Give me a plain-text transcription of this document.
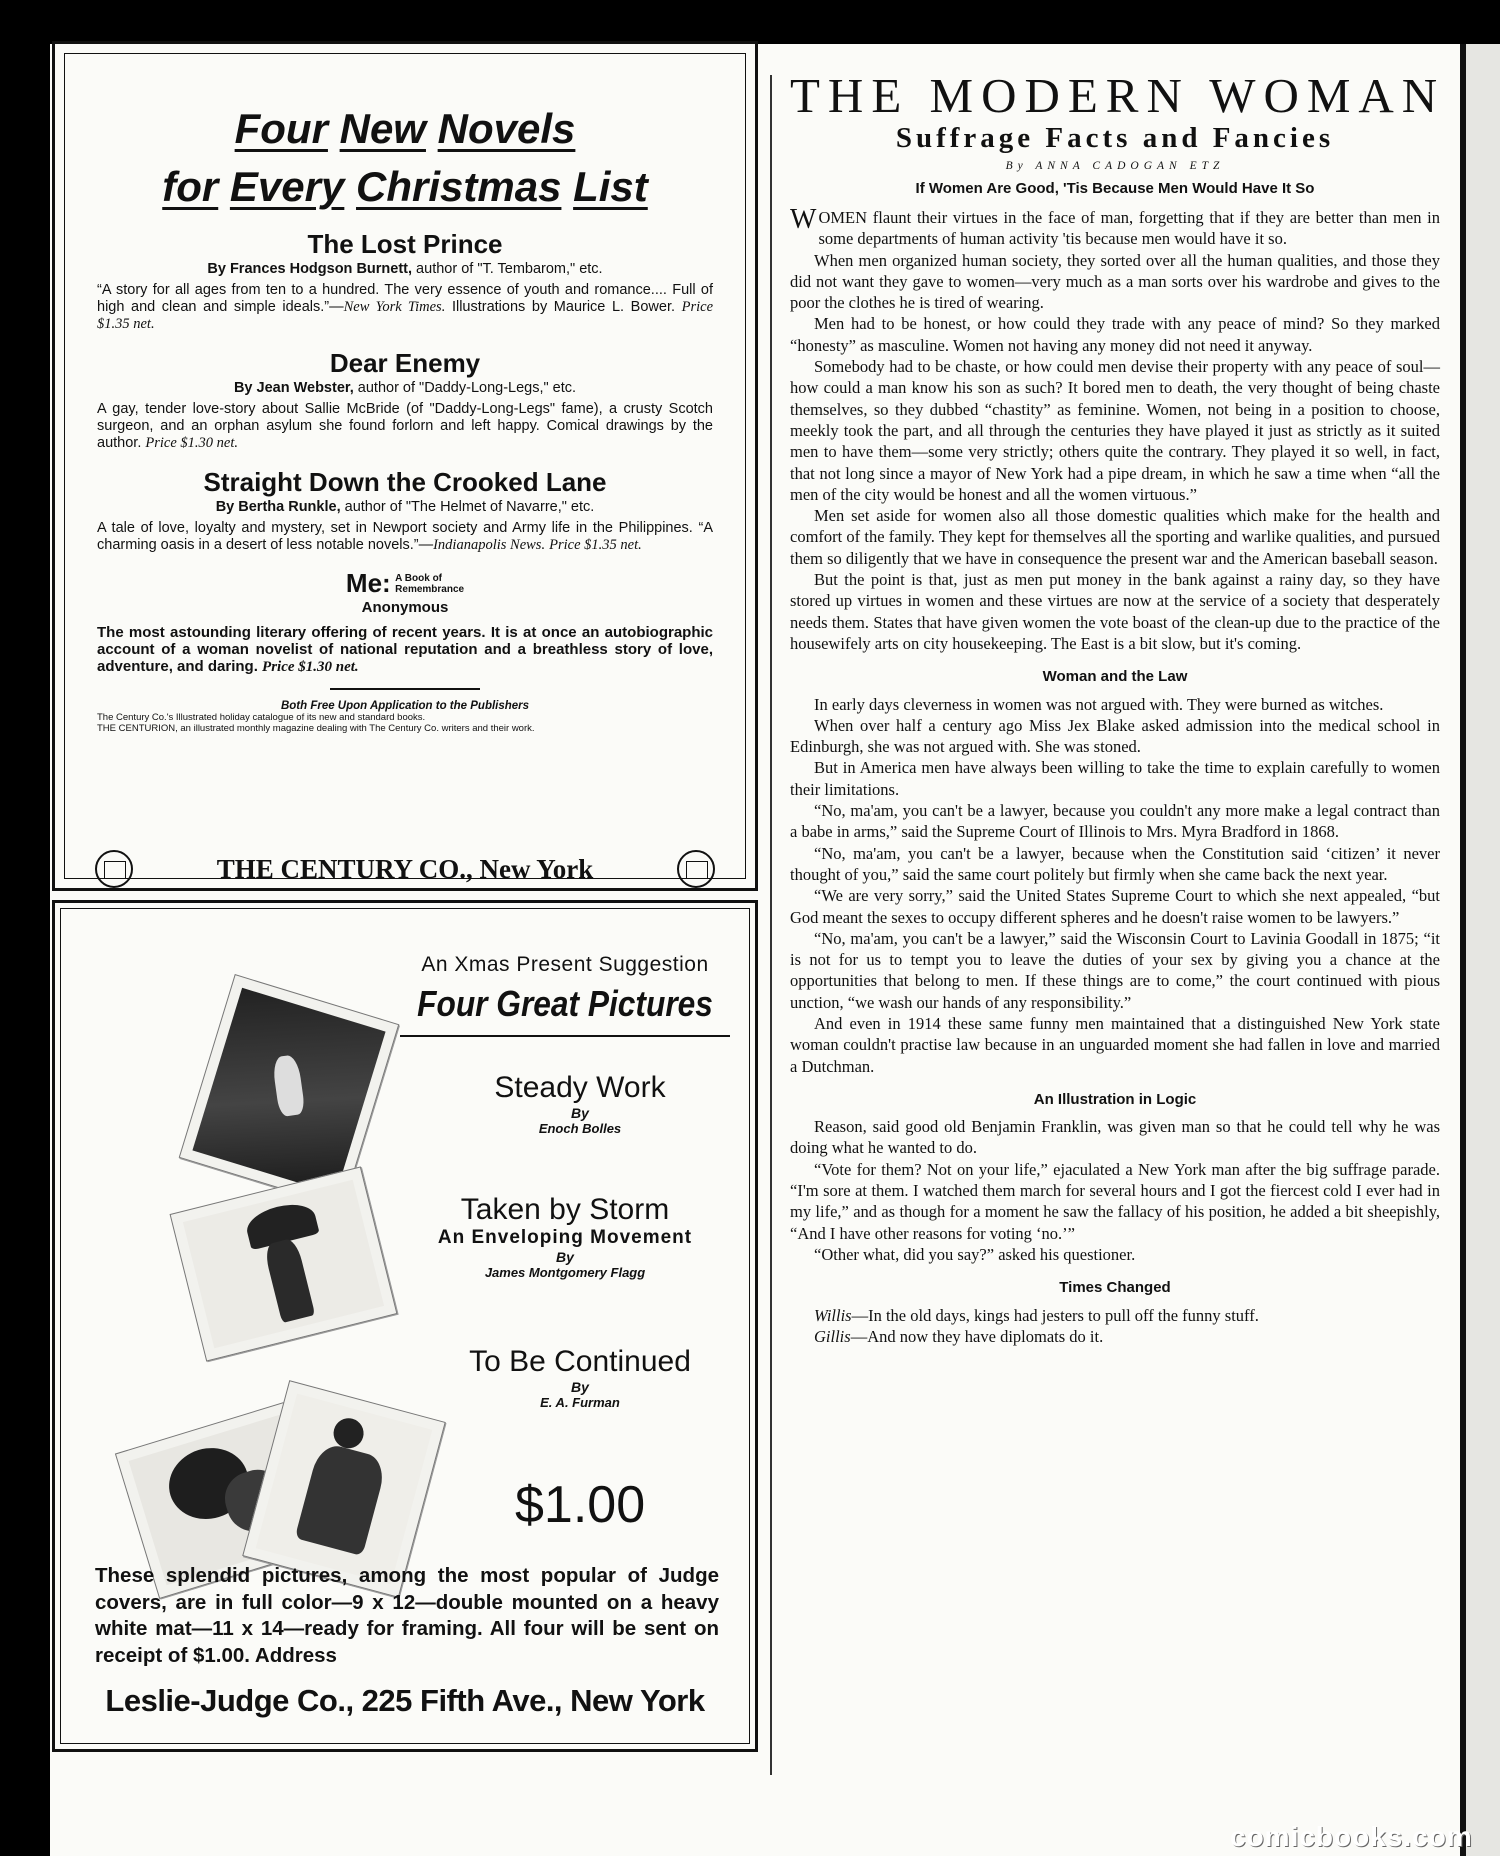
Four New Novels
for Every Christmas List
The Lost Prince
By Frances Hodgson Burnett, author of "T. Tembarom," etc.
“A story for all ages from ten to a hundred. The very essence of youth and romance.... Full of high and clean and simple ideals.”—New York Times. Illustrations by Maurice L. Bower. Price $1.35 net.
Dear Enemy
By Jean Webster, author of "Daddy-Long-Legs," etc.
A gay, tender love-story about Sallie McBride (of "Daddy-Long-Legs" fame), a crusty Scotch surgeon, and an orphan asylum she found forlorn and left happy. Comical drawings by the author. Price $1.30 net.
Straight Down the Crooked Lane
By Bertha Runkle, author of "The Helmet of Navarre," etc.
A tale of love, loyalty and mystery, set in Newport society and Army life in the Philippines. “A charming oasis in a desert of less notable novels.”—Indianapolis News. Price $1.35 net.
Me: A Book of
Remembrance
Anonymous
The most astounding literary offering of recent years. It is at once an autobiographic account of a woman novelist of national reputation and a breathless story of love, adventure, and daring. Price $1.30 net.
Both Free Upon Application to the Publishers
The Century Co.'s Illustrated holiday catalogue of its new and standard books.
THE CENTURION, an illustrated monthly magazine dealing with The Century Co. writers and their work.
THE CENTURY CO., New York
An Xmas Present Suggestion
Four Great Pictures
Steady Work
By
Enoch Bolles
Taken by Storm
An Enveloping Movement
By
James Montgomery Flagg
To Be Continued
By
E. A. Furman
$1.00
These splendid pictures, among the most popular of Judge covers, are in full color—9 x 12—double mounted on a heavy white mat—11 x 14—ready for framing. All four will be sent on receipt of $1.00. Address
Leslie-Judge Co., 225 Fifth Ave., New York
THE MODERN WOMAN
Suffrage Facts and Fancies
By ANNA CADOGAN ETZ
If Women Are Good, 'Tis Because Men Would Have It So

WOMEN flaunt their virtues in the face of man, forgetting that if they are better than men in some departments of human activity 'tis because men would have it so.

When men organized human society, they sorted over all the human qualities, and those they did not want they gave to women—very much as a man sorts over his wardrobe and gives to the poor the clothes he is tired of wearing.

Men had to be honest, or how could they trade with any peace of mind? So they marked “honesty” as masculine. Women not having any money did not need it anyway.

Somebody had to be chaste, or how could men devise their property with any peace of soul—how could a man know his son as such? It bored men to death, the very thought of being chaste themselves, so they dubbed “chastity” as feminine. Women, not being in a position to choose, meekly took the part, and all through the centuries they have played it just as strictly as it suited men to have them—some very strictly; others quite the contrary. They played it so well, in fact, that not long since a mayor of New York had a pipe dream, in which he saw a time when “all the men of the city would be honest and all the women virtuous.”

Men set aside for women also all those domestic qualities which make for the health and comfort of the family. They kept for themselves all the sporting and warlike qualities, and pursued them so diligently that we have in consequence the present war and the American baseball season.

But the point is that, just as men put money in the bank against a rainy day, so they have stored up virtues in women and these virtues are now at the service of a society that desperately needs them. States that have given women the vote boast of the clean-up due to the practice of the housewifely arts on city housekeeping. The East is a bit slow, but it's coming.

Woman and the Law

In early days cleverness in women was not argued with. They were burned as witches.

When over half a century ago Miss Jex Blake asked admission into the medical school in Edinburgh, she was not argued with. She was stoned.

But in America men have always been willing to take the time to explain carefully to women their limitations.

“No, ma'am, you can't be a lawyer, because you couldn't any more make a legal contract than a babe in arms,” said the Supreme Court of Illinois to Mrs. Myra Bradford in 1868.

“No, ma'am, you can't be a lawyer, because when the Constitution said ‘citizen’ it never thought of you,” said the same court politely but firmly when she came back the next year.

“We are very sorry,” said the United States Supreme Court to which she next appealed, “but God meant the sexes to occupy different spheres and he doesn't raise women to be lawyers.”

“No, ma'am, you can't be a lawyer,” said the Wisconsin Court to Lavinia Goodall in 1875; “it is not for us to tempt you to leave the duties of your sex by giving you a chance at the opportunities that belong to men. If these things are to come,” the court continued with pious unction, “we wash our hands of any responsibility.”

And even in 1914 these same funny men maintained that a distinguished New York state woman couldn't practise law because in an unguarded moment she had fallen in love and married a Dutchman.

An Illustration in Logic

Reason, said good old Benjamin Franklin, was given man so that he could tell why he was doing what he wanted to do.

“Vote for them? Not on your life,” ejaculated a New York man after the big suffrage parade. “I'm sore at them. I watched them march for several hours and I got the fiercest cold I ever had in my life,” and as though for a moment he saw the fallacy of his position, he added a bit sheepishly, “And I have other reasons for voting ‘no.’”

“Other what, did you say?” asked his questioner.

Times Changed

Willis—In the old days, kings had jesters to pull off the funny stuff.

Gillis—And now they have diplomats do it.

comicbooks.com
